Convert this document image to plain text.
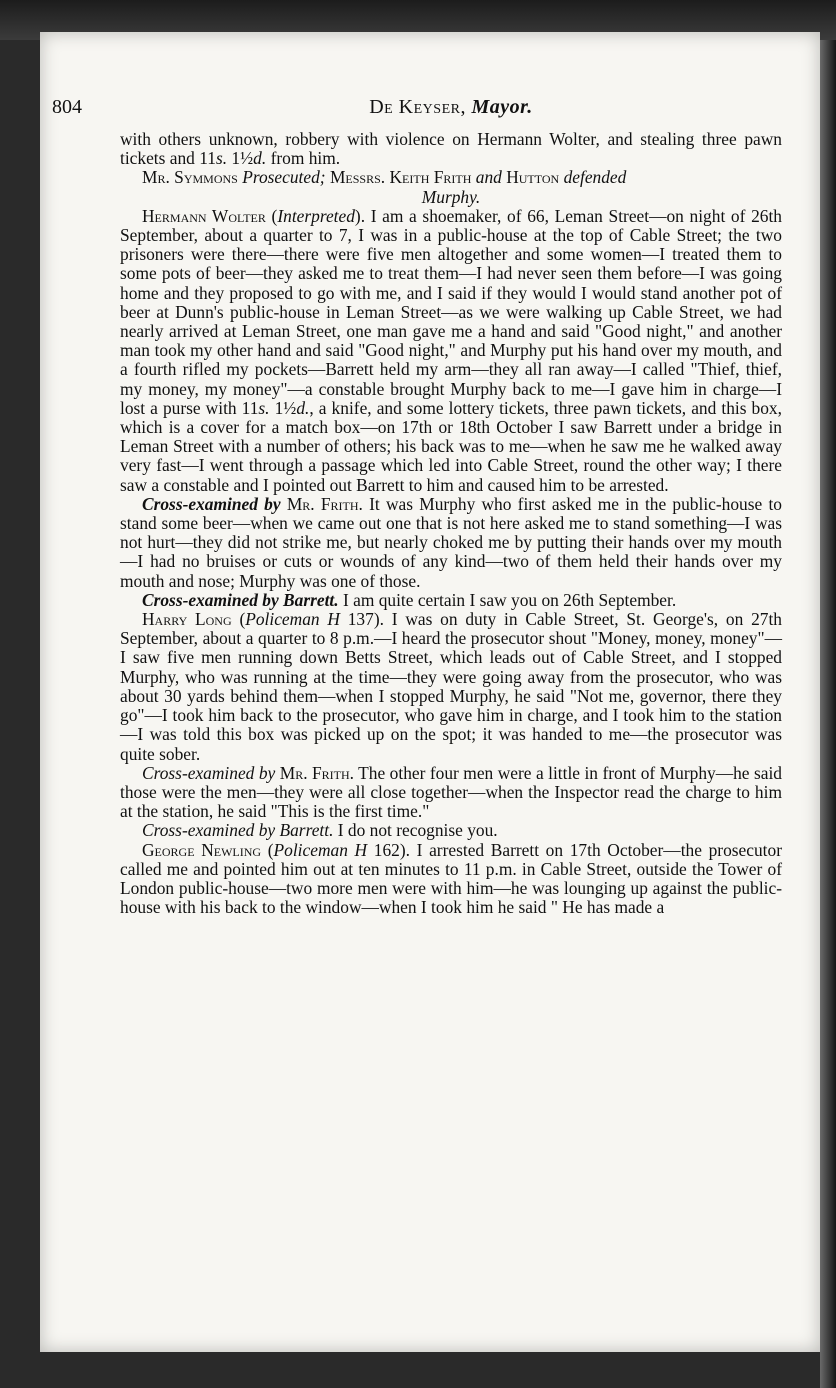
804	De Keyser, Mayor.

with others unknown, robbery with violence on Hermann Wolter, and stealing three pawn tickets and 11s. 1½d. from him.

Mr. Symmons Prosecuted; Messrs. Keith Frith and Hutton defended

Murphy.

Hermann Wolter (Interpreted). I am a shoemaker, of 66, Leman Street—on night of 26th September, about a quarter to 7, I was in a public-house at the top of Cable Street; the two prisoners were there—there were five men altogether and some women—I treated them to some pots of beer—they asked me to treat them—I had never seen them before—I was going home and they proposed to go with me, and I said if they would I would stand another pot of beer at Dunn's public-house in Leman Street—as we were walking up Cable Street, we had nearly arrived at Leman Street, one man gave me a hand and said "Good night," and another man took my other hand and said "Good night," and Murphy put his hand over my mouth, and a fourth rifled my pockets—Barrett held my arm—they all ran away—I called "Thief, thief, my money, my money"—a constable brought Murphy back to me—I gave him in charge—I lost a purse with 11s. 1½d., a knife, and some lottery tickets, three pawn tickets, and this box, which is a cover for a match box—on 17th or 18th October I saw Barrett under a bridge in Leman Street with a number of others; his back was to me—when he saw me he walked away very fast—I went through a passage which led into Cable Street, round the other way; I there saw a constable and I pointed out Barrett to him and caused him to be arrested.

Cross-examined by Mr. Frith. It was Murphy who first asked me in the public-house to stand some beer—when we came out one that is not here asked me to stand something—I was not hurt—they did not strike me, but nearly choked me by putting their hands over my mouth—I had no bruises or cuts or wounds of any kind—two of them held their hands over my mouth and nose; Murphy was one of those.

Cross-examined by Barrett. I am quite certain I saw you on 26th September.

Harry Long (Policeman H 137). I was on duty in Cable Street, St. George's, on 27th September, about a quarter to 8 p.m.—I heard the prosecutor shout "Money, money, money"—I saw five men running down Betts Street, which leads out of Cable Street, and I stopped Murphy, who was running at the time—they were going away from the prosecutor, who was about 30 yards behind them—when I stopped Murphy, he said "Not me, governor, there they go"—I took him back to the prosecutor, who gave him in charge, and I took him to the station—I was told this box was picked up on the spot; it was handed to me—the prosecutor was quite sober.

Cross-examined by Mr. Frith. The other four men were a little in front of Murphy—he said those were the men—they were all close together—when the Inspector read the charge to him at the station, he said "This is the first time."

Cross-examined by Barrett. I do not recognise you.

George Newling (Policeman H 162). I arrested Barrett on 17th October—the prosecutor called me and pointed him out at ten minutes to 11 p.m. in Cable Street, outside the Tower of London public-house—two more men were with him—he was lounging up against the public-house with his back to the window—when I took him he said " He has made a
